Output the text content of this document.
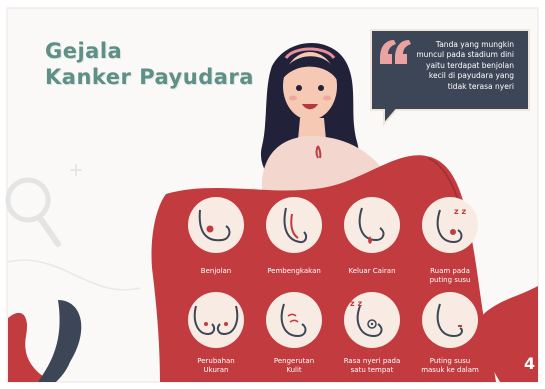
z z
z z
Gejala
Kanker Payudara

Tanda yang mungkin
muncul pada stadium dini
yaitu terdapat benjolan
kecil di payudara yang
tidak terasa nyeri

Benjolan	Pembengkakan	Keluar Cairan	Ruam pada
puting susu

Perubahan
Ukuran

Pengerutan
Kulit

Rasa nyeri pada
satu tempat

Puting susu
masuk ke dalam	4
